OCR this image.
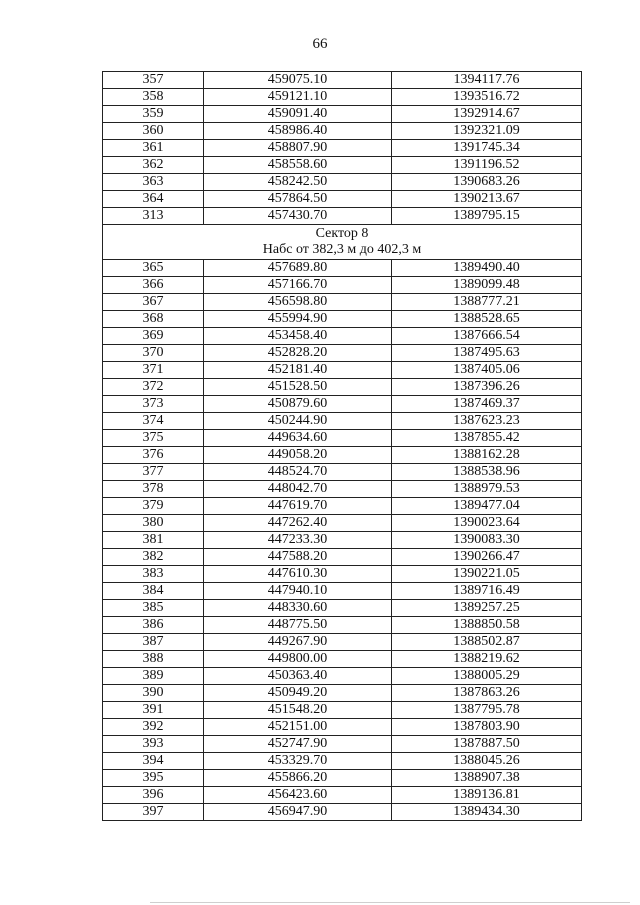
66
357	459075.10	1394117.76
358	459121.10	1393516.72
359	459091.40	1392914.67
360	458986.40	1392321.09
361	458807.90	1391745.34
362	458558.60	1391196.52
363	458242.50	1390683.26
364	457864.50	1390213.67
313	457430.70	1389795.15

Сектор 8
Набс от 382,3 м до 402,3 м		

365	457689.80	1389490.40
366	457166.70	1389099.48
367	456598.80	1388777.21
368	455994.90	1388528.65
369	453458.40	1387666.54
370	452828.20	1387495.63
371	452181.40	1387405.06
372	451528.50	1387396.26
373	450879.60	1387469.37
374	450244.90	1387623.23
375	449634.60	1387855.42
376	449058.20	1388162.28
377	448524.70	1388538.96
378	448042.70	1388979.53
379	447619.70	1389477.04
380	447262.40	1390023.64
381	447233.30	1390083.30
382	447588.20	1390266.47
383	447610.30	1390221.05
384	447940.10	1389716.49
385	448330.60	1389257.25
386	448775.50	1388850.58
387	449267.90	1388502.87
388	449800.00	1388219.62
389	450363.40	1388005.29
390	450949.20	1387863.26
391	451548.20	1387795.78
392	452151.00	1387803.90
393	452747.90	1387887.50
394	453329.70	1388045.26
395	455866.20	1388907.38
396	456423.60	1389136.81
397	456947.90	1389434.30
